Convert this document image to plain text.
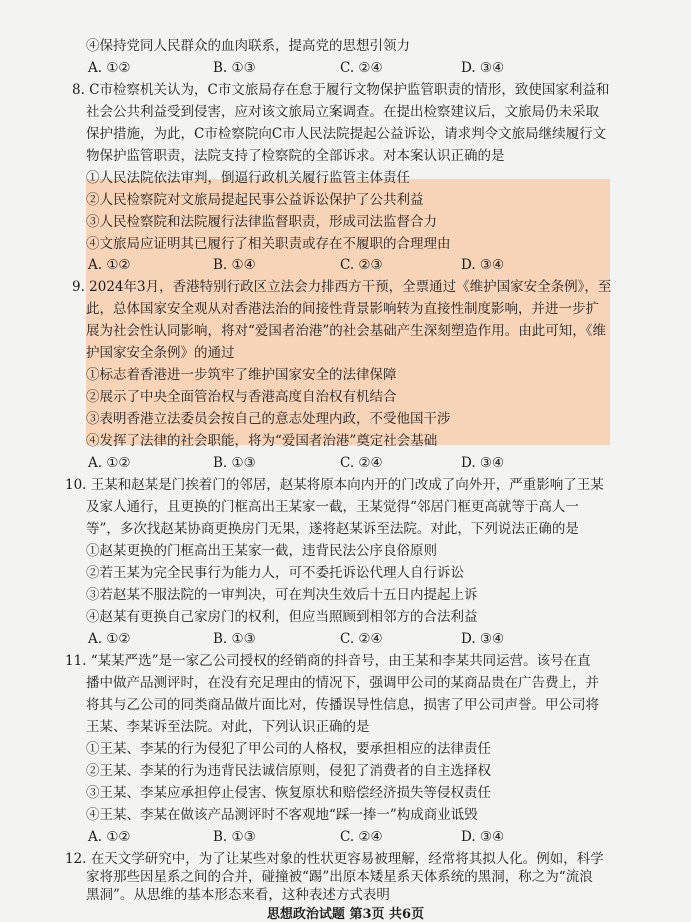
④保持党同人民群众的血肉联系，提高党的思想引领力
A. ①②	B. ①③	C. ②④	D. ③④
8. C市检察机关认为，C市文旅局存在怠于履行文物保护监管职责的情形，致使国家利益和
社会公共利益受到侵害，应对该文旅局立案调查。在提出检察建议后，文旅局仍未采取
保护措施，为此，C市检察院向C市人民法院提起公益诉讼，请求判令文旅局继续履行文
物保护监管职责，法院支持了检察院的全部诉求。对本案认识正确的是
①人民法院依法审判，倒逼行政机关履行监管主体责任
②人民检察院对文旅局提起民事公益诉讼保护了公共利益
③人民检察院和法院履行法律监督职责，形成司法监督合力
④文旅局应证明其已履行了相关职责或存在不履职的合理理由
A. ①②	B. ①④	C. ②③	D. ③④
9. 2024年3月，香港特别行政区立法会力排西方干预，全票通过《维护国家安全条例》，至
此，总体国家安全观从对香港法治的间接性背景影响转为直接性制度影响，并进一步扩
展为社会性认同影响，将对“爱国者治港”的社会基础产生深刻塑造作用。由此可知，《维
护国家安全条例》的通过
①标志着香港进一步筑牢了维护国家安全的法律保障
②展示了中央全面管治权与香港高度自治权有机结合
③表明香港立法委员会按自己的意志处理内政，不受他国干涉
④发挥了法律的社会职能，将为“爱国者治港”奠定社会基础
A. ①②	B. ①③	C. ②④	D. ③④
10. 王某和赵某是门挨着门的邻居，赵某将原本向内开的门改成了向外开，严重影响了王某
及家人通行，且更换的门框高出王某家一截，王某觉得“邻居门框更高就等于高人一
等”，多次找赵某协商更换房门无果，遂将赵某诉至法院。对此，下列说法正确的是
①赵某更换的门框高出王某家一截，违背民法公序良俗原则
②若王某为完全民事行为能力人，可不委托诉讼代理人自行诉讼
③若赵某不服法院的一审判决，可在判决生效后十五日内提起上诉
④赵某有更换自己家房门的权利，但应当照顾到相邻方的合法利益
A. ①②	B. ①③	C. ②④	D. ③④
11. “某某严选”是一家乙公司授权的经销商的抖音号，由王某和李某共同运营。该号在直
播中做产品测评时，在没有充足理由的情况下，强调甲公司的某商品贵在广告费上，并
将其与乙公司的同类商品做片面比对，传播误导性信息，损害了甲公司声誉。甲公司将
王某、李某诉至法院。对此，下列认识正确的是
①王某、李某的行为侵犯了甲公司的人格权，要承担相应的法律责任
②王某、李某的行为违背民法诚信原则，侵犯了消费者的自主选择权
③王某、李某应承担停止侵害、恢复原状和赔偿经济损失等侵权责任
④王某、李某在做该产品测评时不客观地“踩一捧一”构成商业诋毁
A. ①②	B. ①③	C. ②④	D. ③④
12. 在天文学研究中，为了让某些对象的性状更容易被理解，经常将其拟人化。例如，科学
家将那些因星系之间的合并，碰撞被“踢”出原本矮星系天体系统的黑洞，称之为“流浪
黑洞”。从思维的基本形态来看，这种表述方式表明
思想政治试题 第3页 共6页
